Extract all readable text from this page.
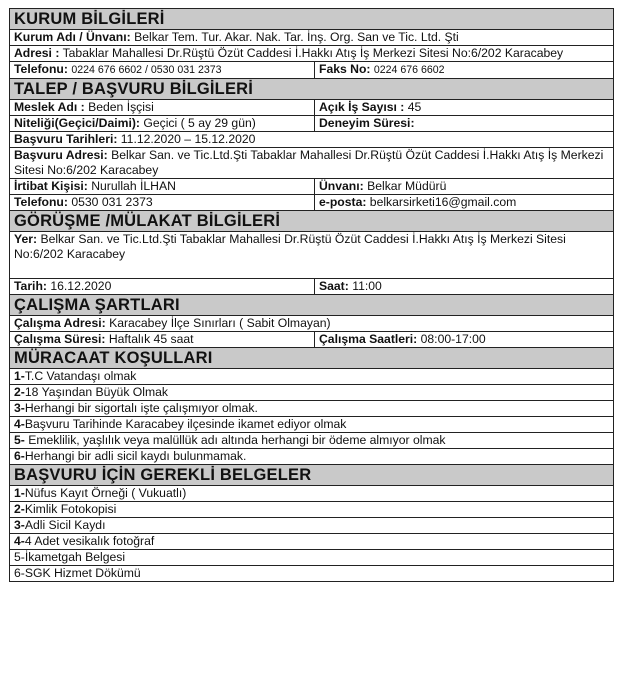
KURUM BİLGİLERİ	
Kurum Adı / Ünvanı: Belkar Tem. Tur. Akar. Nak. Tar. İnş. Org. San ve Tic. Ltd. Şti	
Adresi : Tabaklar Mahallesi Dr.Rüştü Özüt Caddesi İ.Hakkı Atış İş Merkezi Sitesi No:6/202 Karacabey	
Telefonu: 0224 676 6602 / 0530 031 2373	Faks No: 0224 676 6602
TALEP / BAŞVURU BİLGİLERİ	
Meslek Adı : Beden İşçisi	Açık İş Sayısı : 45
Niteliği(Geçici/Daimi): Geçici ( 5 ay 29 gün)	Deneyim Süresi:
Başvuru Tarihleri: 11.12.2020 – 15.12.2020	
Başvuru Adresi: Belkar San. ve Tic.Ltd.Şti Tabaklar Mahallesi Dr.Rüştü Özüt Caddesi İ.Hakkı Atış İş Merkezi Sitesi No:6/202 Karacabey	
İrtibat Kişisi: Nurullah İLHAN	Ünvanı: Belkar Müdürü
Telefonu: 0530 031 2373	e-posta: belkarsirketi16@gmail.com
GÖRÜŞME /MÜLAKAT BİLGİLERİ	
Yer: Belkar San. ve Tic.Ltd.Şti Tabaklar Mahallesi Dr.Rüştü Özüt Caddesi İ.Hakkı Atış İş Merkezi Sitesi No:6/202 Karacabey	
Tarih: 16.12.2020	Saat: 11:00
ÇALIŞMA ŞARTLARI	
Çalışma Adresi: Karacabey İlçe Sınırları ( Sabit Olmayan)	
Çalışma Süresi: Haftalık 45 saat	Çalışma Saatleri: 08:00-17:00
MÜRACAAT KOŞULLARI	
1-T.C Vatandaşı olmak	
2-18 Yaşından Büyük Olmak	
3-Herhangi bir sigortalı işte çalışmıyor olmak.	
4-Başvuru Tarihinde Karacabey ilçesinde ikamet ediyor olmak	
5- Emeklilik, yaşlılık veya malüllük adı altında herhangi bir ödeme almıyor olmak	
6-Herhangi bir adli sicil kaydı bulunmamak.	
BAŞVURU İÇİN GEREKLİ BELGELER	
1-Nüfus Kayıt Örneği ( Vukuatlı)	
2-Kimlik Fotokopisi	
3-Adli Sicil Kaydı	
4-4 Adet vesikalık fotoğraf	
5-İkametgah Belgesi	
6-SGK Hizmet Dökümü	
